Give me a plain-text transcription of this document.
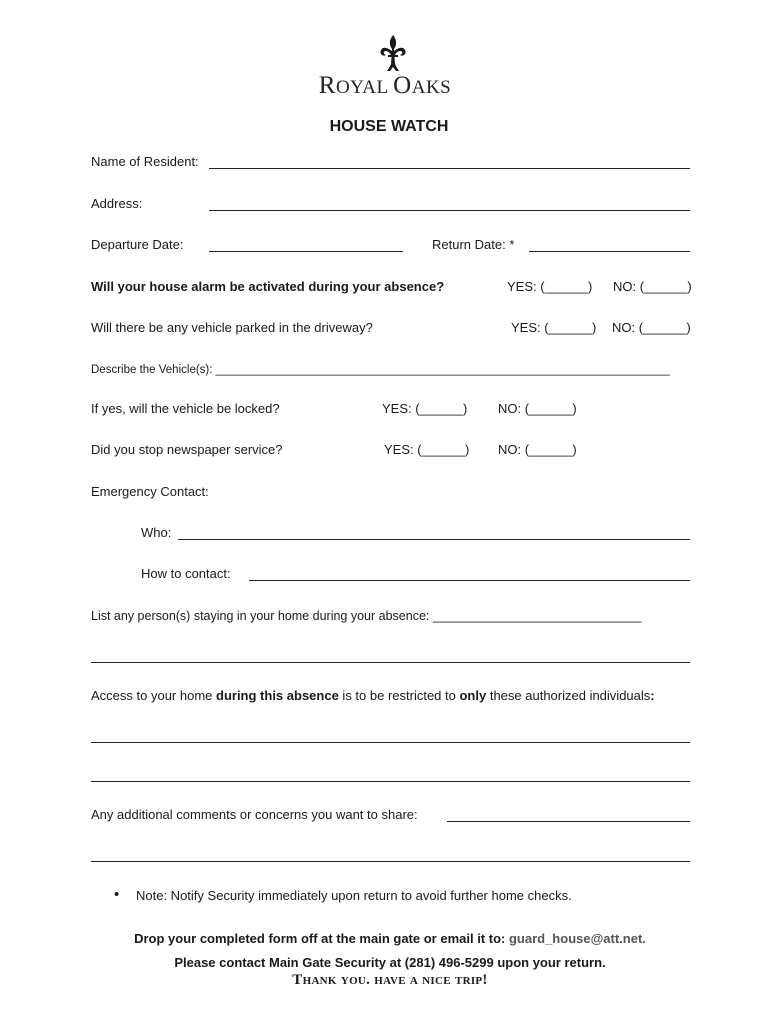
ROYAL OAKS
HOUSE WATCH
Name of Resident:
Address:
Departure Date:	Return Date: *
Will your house alarm be activated during your absence?	YES: (______) NO: (______)
Will there be any vehicle parked in the driveway?	YES: (______) NO: (______)
Describe the Vehicle(s): _______________________________________________________________________
If yes, will the vehicle be locked?	YES: (______) NO: (______)
Did you stop newspaper service?	YES: (______) NO: (______)
Emergency Contact:
Who:
How to contact:
List any person(s) staying in your home during your absence: ______________________________
Access to your home during this absence is to be restricted to only these authorized individuals:
Any additional comments or concerns you want to share:
• Note: Notify Security immediately upon return to avoid further home checks.
Drop your completed form off at the main gate or email it to: guard_house@att.net.
Please contact Main Gate Security at (281) 496-5299 upon your return.
Thank you. have a nice trip!
